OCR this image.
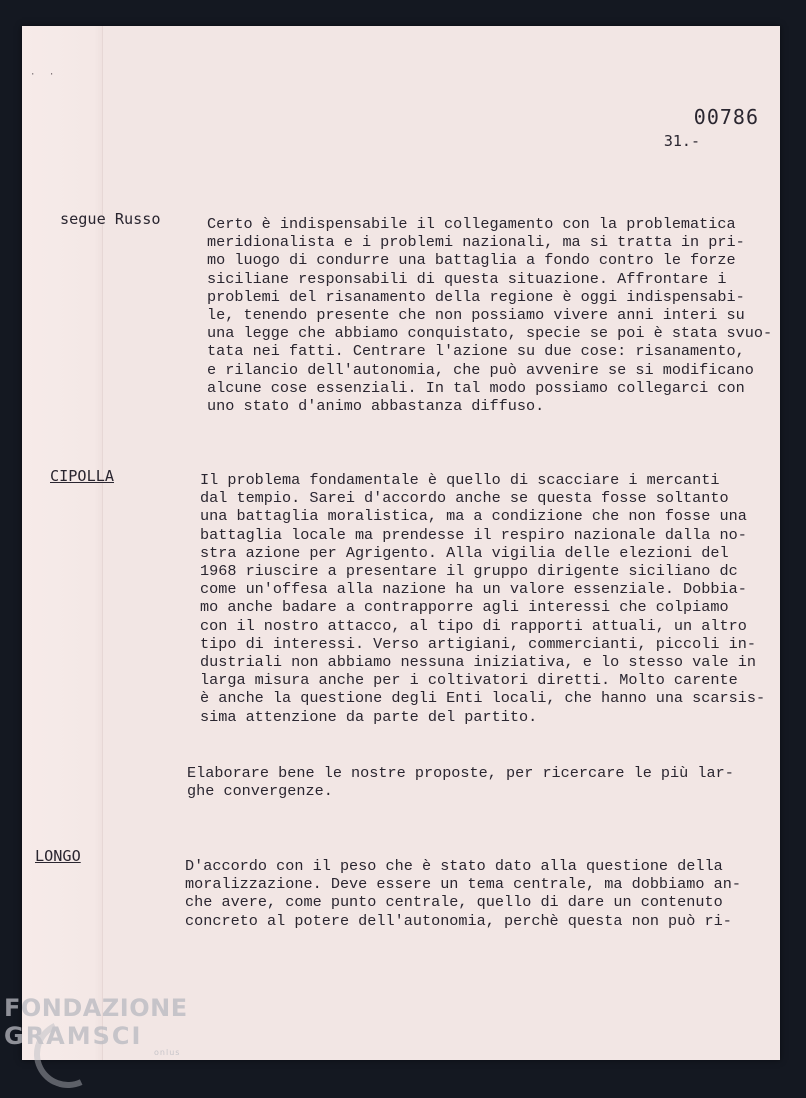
· ·
00786
31.-
segue Russo	Certo è indispensabile il collegamento con la problematica
meridionalista e i problemi nazionali, ma si tratta in pri-
mo luogo di condurre una battaglia a fondo contro le forze
siciliane responsabili di questa situazione. Affrontare i
problemi del risanamento della regione è oggi indispensabi-
le, tenendo presente che non possiamo vivere anni interi su
una legge che abbiamo conquistato, specie se poi è stata svuo-
tata nei fatti. Centrare l'azione su due cose: risanamento,
e rilancio dell'autonomia, che può avvenire se si modificano
alcune cose essenziali. In tal modo possiamo collegarci con
uno stato d'animo abbastanza diffuso.
CIPOLLA	Il problema fondamentale è quello di scacciare i mercanti
dal tempio. Sarei d'accordo anche se questa fosse soltanto
una battaglia moralistica, ma a condizione che non fosse una
battaglia locale ma prendesse il respiro nazionale dalla no-
stra azione per Agrigento. Alla vigilia delle elezioni del
1968 riuscire a presentare il gruppo dirigente siciliano dc
come un'offesa alla nazione ha un valore essenziale. Dobbia-
mo anche badare a contrapporre agli interessi che colpiamo
con il nostro attacco, al tipo di rapporti attuali, un altro
tipo di interessi. Verso artigiani, commercianti, piccoli in-
dustriali non abbiamo nessuna iniziativa, e lo stesso vale in
larga misura anche per i coltivatori diretti. Molto carente
è anche la questione degli Enti locali, che hanno una scarsis-
sima attenzione da parte del partito.
Elaborare bene le nostre proposte, per ricercare le più lar-
ghe convergenze.
LONGO
D'accordo con il peso che è stato dato alla questione della
moralizzazione. Deve essere un tema centrale, ma dobbiamo an-
che avere, come punto centrale, quello di dare un contenuto
concreto al potere dell'autonomia, perchè questa non può ri-
FONDAZIONE
GRAMSCI
onlus
